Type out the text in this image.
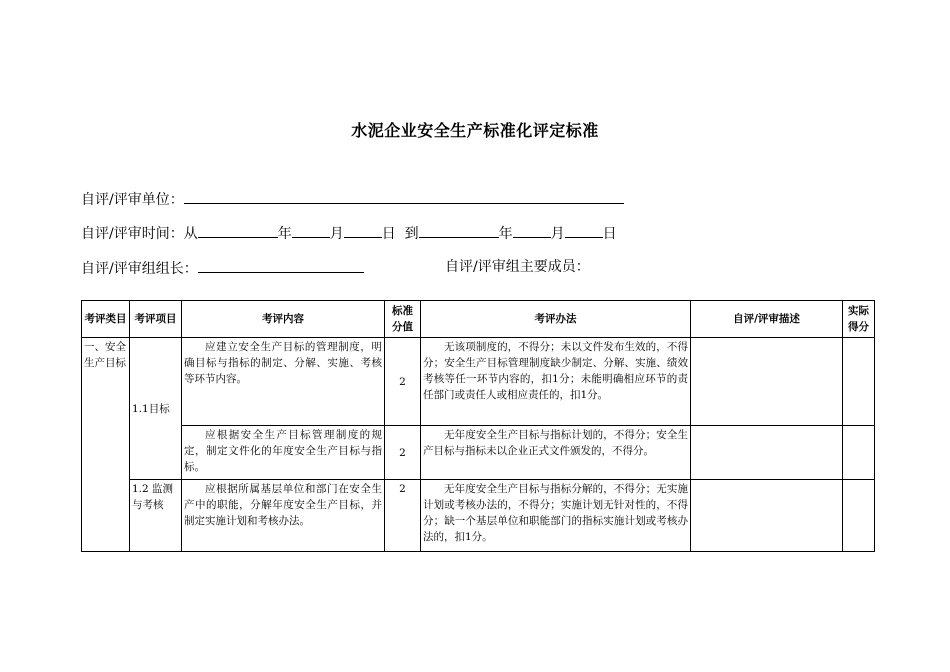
水泥企业安全生产标准化评定标准
自评/评审单位：
自评/评审时间：从	年	月	日 到	年	月	日
自评/评审组组长：	自评/评审组主要成员：
考评类目	考评项目	考评内容	标准分值	考评办法	自评/评审描述	实际得分
一、安全生产目标	1.1目标	应建立安全生产目标的管理制度，明确目标与指标的制定、分解、实施、考核等环节内容。	2	无该项制度的，不得分；未以文件发布生效的，不得分；安全生产目标管理制度缺少制定、分解、实施、绩效考核等任一环节内容的，扣1分；未能明确相应环节的责任部门或责任人或相应责任的，扣1分。		
		应根据安全生产目标管理制度的规定，制定文件化的年度安全生产目标与指标。	2	无年度安全生产目标与指标计划的，不得分；安全生产目标与指标未以企业正式文件颁发的，不得分。		
	1.2 监测与考核	应根据所属基层单位和部门在安全生产中的职能，分解年度安全生产目标，并制定实施计划和考核办法。	2	无年度安全生产目标与指标分解的，不得分；无实施计划或考核办法的，不得分；实施计划无针对性的，不得分；缺一个基层单位和职能部门的指标实施计划或考核办法的，扣1分。		
